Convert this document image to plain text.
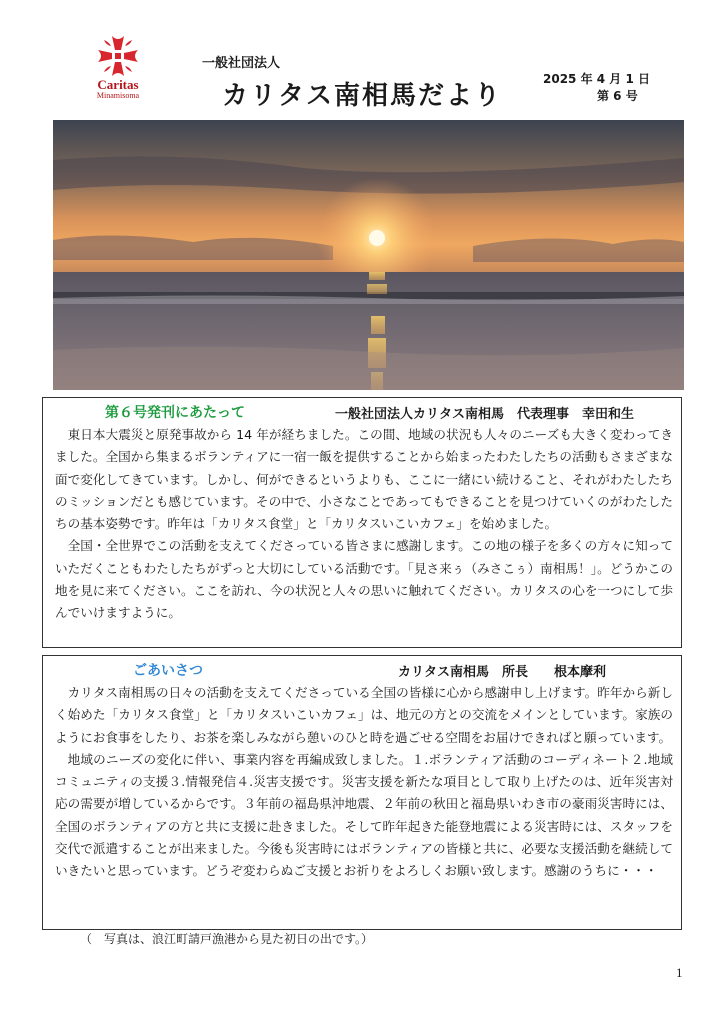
Caritas
Minamisoma
一般社団法人
カリタス南相馬だより
2025 年 4 月 1 日
第 6 号
第６号発刊にあたって	一般社団法人カリタス南相馬　代表理事　幸田和生

東日本大震災と原発事故から 14 年が経ちました。この間、地域の状況も人々のニーズも大きく変わってきました。全国から集まるボランティアに一宿一飯を提供することから始まったわたしたちの活動もさまざまな面で変化してきています。しかし、何ができるというよりも、ここに一緒にい続けること、それがわたしたちのミッションだとも感じています。その中で、小さなことであってもできることを見つけていくのがわたしたちの基本姿勢です。昨年は「カリタス食堂」と「カリタスいこいカフェ」を始めました。

全国・全世界でこの活動を支えてくださっている皆さまに感謝します。この地の様子を多くの方々に知っていただくこともわたしたちがずっと大切にしている活動です。「見さ来ぅ（みさこぅ）南相馬！」。どうかこの地を見に来てください。ここを訪れ、今の状況と人々の思いに触れてください。カリタスの心を一つにして歩んでいけますように。

ごあいさつ	カリタス南相馬　所長　　根本摩利

カリタス南相馬の日々の活動を支えてくださっている全国の皆様に心から感謝申し上げます。昨年から新しく始めた「カリタス食堂」と「カリタスいこいカフェ」は、地元の方との交流をメインとしています。家族のようにお食事をしたり、お茶を楽しみながら憩いのひと時を過ごせる空間をお届けできればと願っています。

地域のニーズの変化に伴い、事業内容を再編成致しました。１.ボランティア活動のコーディネート２.地域コミュニティの支援３.情報発信４.災害支援です。災害支援を新たな項目として取り上げたのは、近年災害対応の需要が増しているからです。３年前の福島県沖地震、２年前の秋田と福島県いわき市の豪雨災害時には、全国のボランティアの方と共に支援に赴きました。そして昨年起きた能登地震による災害時には、スタッフを交代で派遣することが出来ました。今後も災害時にはボランティアの皆様と共に、必要な支援活動を継続していきたいと思っています。どうぞ変わらぬご支援とお祈りをよろしくお願い致します。感謝のうちに・・・

（　写真は、浪江町請戸漁港から見た初日の出です。）
1
